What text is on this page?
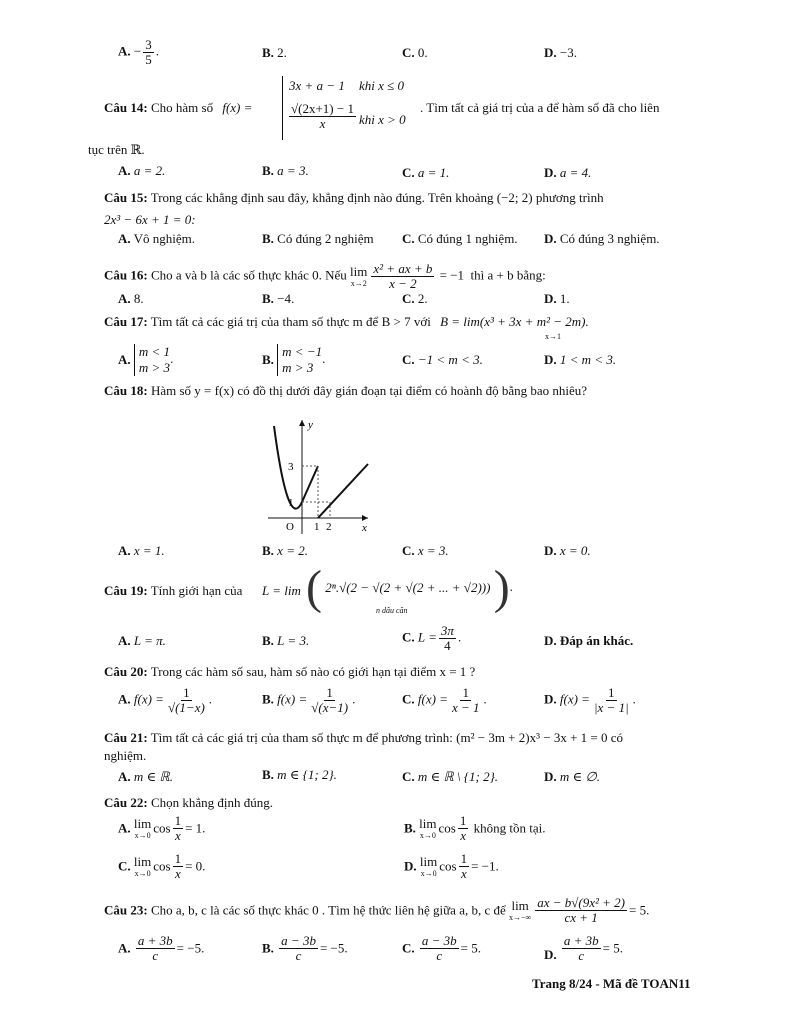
A. − $\frac{3}{5}$ .	B. 2.	C. 0.	D. −3.
Câu 14: Cho hàm số f(x) =
3x + a − 1 khi x ≤ 0
$\frac{√(2x+1) - 1}{x}$ khi x > 0
. Tìm tất cả giá trị của a để hàm số đã cho liên
tục trên ℝ.
A. a = 2.	B. a = 3.	C. a = 1.	D. a = 4.
Câu 15: Trong các khẳng định sau đây, khẳng định nào đúng. Trên khoảng (−2; 2) phương trình
2x³ − 6x + 1 = 0:
A. Vô nghiệm.	B. Có đúng 2 nghiệm C. Có đúng 1 nghiệm. D. Có đúng 3 nghiệm.
Câu 16: Cho a và b là các số thực khác 0. Nếu lim
$x\to 2 \frac{\text{x² + ax + b}}{x - 2} = -1$ thì a + b bằng:
A. 8.	B. −4.	C. 2.	D. 1.
Câu 17: Tìm tất cả các giá trị của tham số thực m để B > 7 với B = lim(x³ + 3x + m² − 2m).
x→1
A. m < 1
m > 3.	B. m < −1
m > 3.	C. −1 < m < 3.	D. 1 < m < 3.
Câu 18: Hàm số y = f(x) có đồ thị dưới đây gián đoạn tại điểm có hoành độ bằng bao nhiêu?
y
x
O
3
1
1 2
A. x = 1.	B. x = 2.	C. x = 3.	D. x = 0.
Câu 19: Tính giới hạn của L = lim ( 2ⁿ.√(2 − √(2 + √(2 + ... + √2))) ).
n dấu căn
A. L = π.	B. L = 3.	C. $L = \frac{3\pi}{4}$ .	D. Đáp án khác.
Câu 20: Trong các hàm số sau, hàm số nào có giới hạn tại điểm x = 1 ?
A. $f(x) = \frac{1}{√(1-x)}$ .	B. $f(x) = \frac{1}{√(x-1)}$ .	C. $f(x) = \frac{1}{x - 1}$ .	D. $f(x) = \frac{1}{|x - 1|}$ .
Câu 21: Tìm tất cả các giá trị của tham số thực m để phương trình: (m² − 3m + 2)x³ − 3x + 1 = 0 có
nghiệm.
A. m ∈ ℝ.	B. m ∈ {1; 2}.	C. m ∈ ℝ \ {1; 2}.	D. m ∈ ∅.
Câu 22: Chọn khẳng định đúng.
A. lim
x→0 $\cos \frac{1}{x} = 1$.	B. lim
x→0 $\cos \frac{1}{x}$ không tồn tại.
C. lim
x→0 $\cos \frac{1}{x} = 0$.	D. lim
x→0 $\cos \frac{1}{x} = -1$.
Câu 23: Cho a, b, c là các số thực khác 0 . Tìm hệ thức liên hệ giữa a, b, c để lim
$x\to-\infty \frac{\text{ax − b√(9x² + 2)}}{cx + 1} = 5$.
A. $\frac{a + 3b}{c} = -5$.	B. $\frac{a - 3b}{c} = -5$.	C. $\frac{a - 3b}{c} = 5$.	D. $\frac{a + 3b}{c} = 5$.
Trang 8/24 - Mã đề TOAN11
